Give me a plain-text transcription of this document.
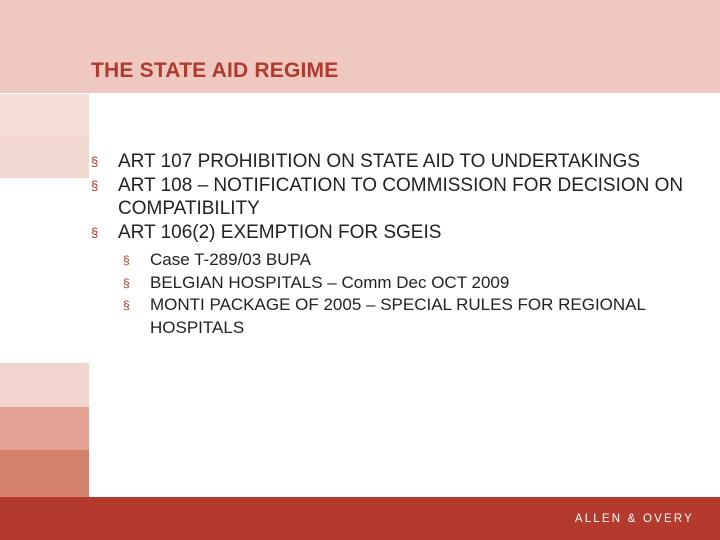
THE STATE AID REGIME
§ ART 107 PROHIBITION ON STATE AID TO UNDERTAKINGS
§ ART 108 – NOTIFICATION TO COMMISSION FOR DECISION ON COMPATIBILITY
§ ART 106(2) EXEMPTION FOR SGEIS
§ Case T-289/03 BUPA
§ BELGIAN HOSPITALS – Comm Dec OCT 2009
§ MONTI PACKAGE OF 2005 – SPECIAL RULES FOR REGIONAL HOSPITALS
ALLEN & OVERY
